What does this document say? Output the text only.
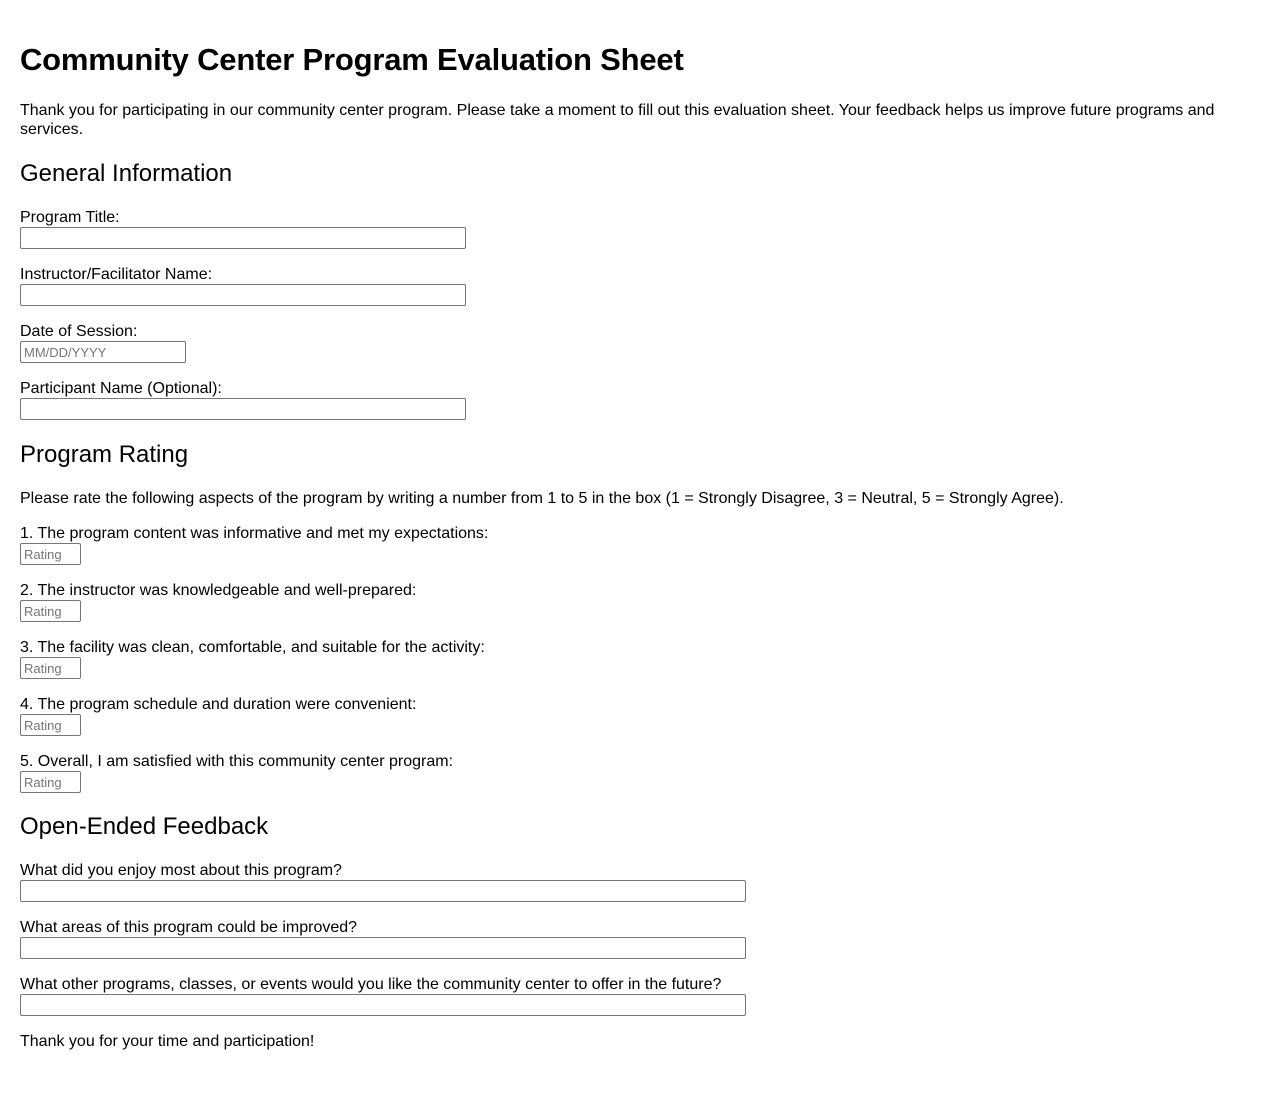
Community Center Program Evaluation Sheet

Thank you for participating in our community center program. Please take a moment to fill out this evaluation sheet. Your feedback helps us improve future programs and services.

General Information
Program Title:
Instructor/Facilitator Name:
Date of Session:
MM/DD/YYYY
Participant Name (Optional):
Program Rating

Please rate the following aspects of the program by writing a number from 1 to 5 in the box (1 = Strongly Disagree, 3 = Neutral, 5 = Strongly Agree).

1. The program content was informative and met my expectations:
Rating
2. The instructor was knowledgeable and well-prepared:
Rating
3. The facility was clean, comfortable, and suitable for the activity:
Rating
4. The program schedule and duration were convenient:
Rating
5. Overall, I am satisfied with this community center program:
Rating
Open-Ended Feedback
What did you enjoy most about this program?
What areas of this program could be improved?
What other programs, classes, or events would you like the community center to offer in the future?

Thank you for your time and participation!
